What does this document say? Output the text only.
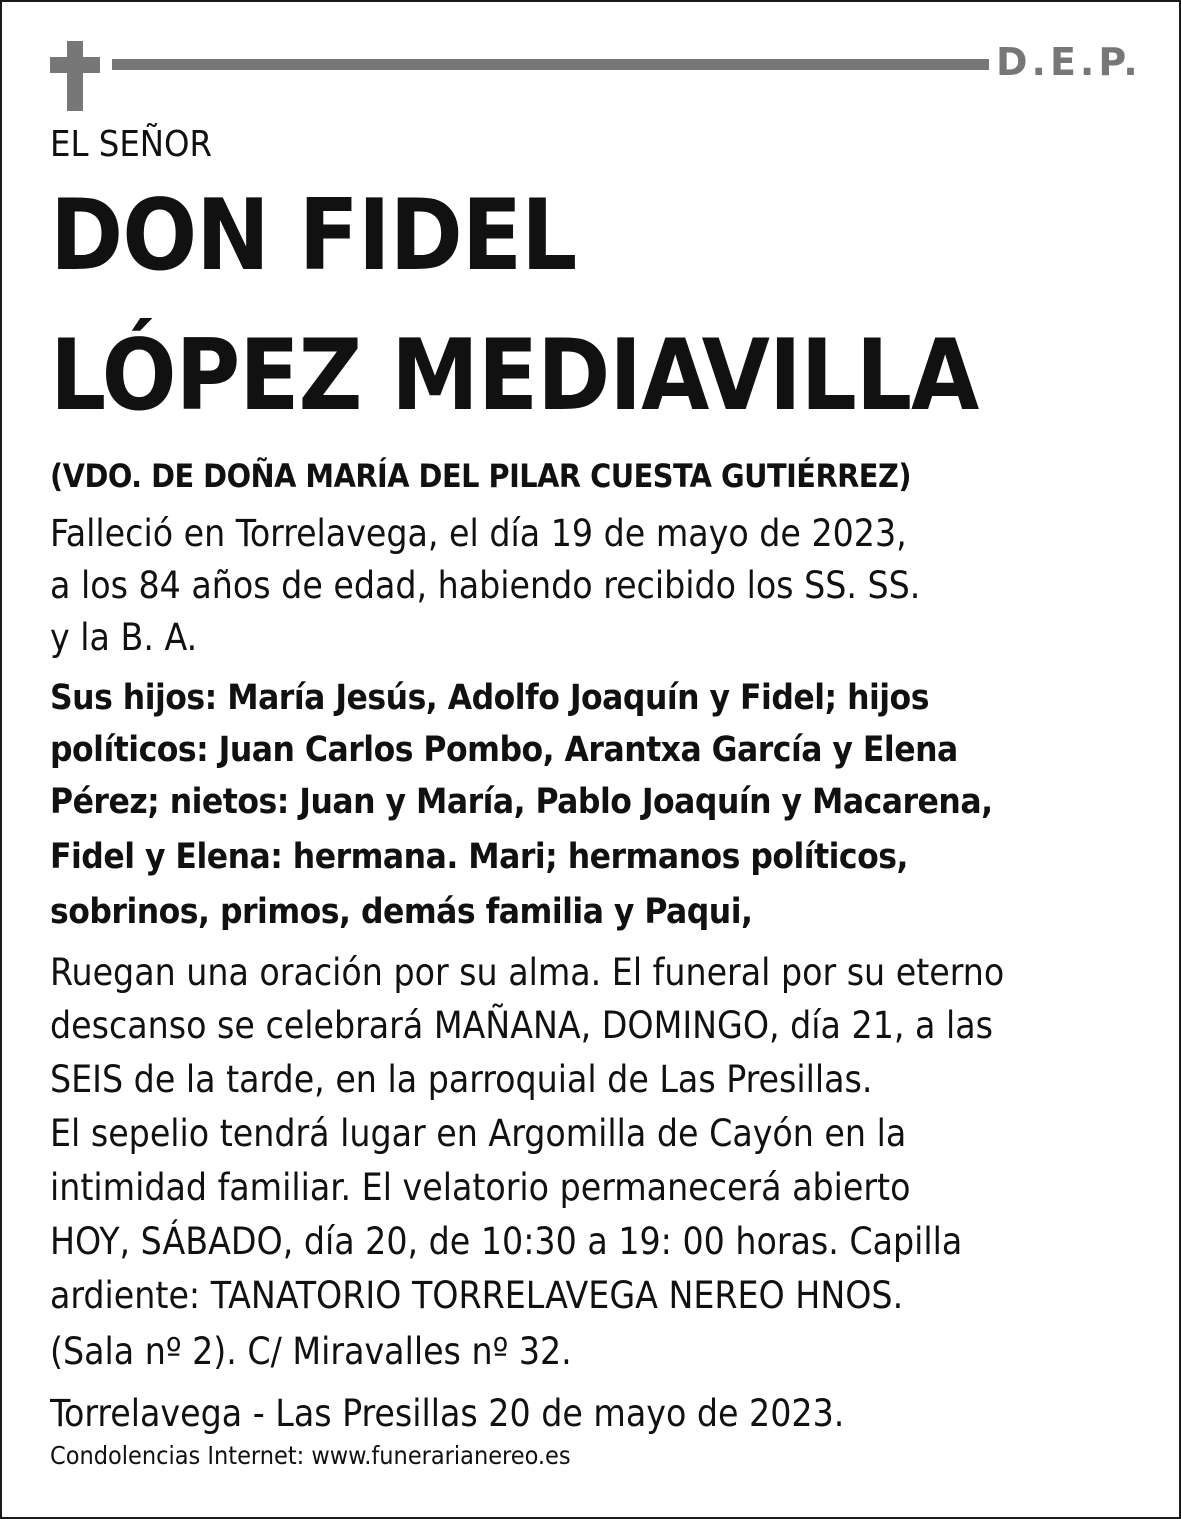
D.E.P.

EL SEÑOR

DON FIDEL

LÓPEZ MEDIAVILLA

(VDO. DE DOÑA MARÍA DEL PILAR CUESTA GUTIÉRREZ)

Falleció en Torrelavega, el día 19 de mayo de 2023,

a los 84 años de edad, habiendo recibido los SS. SS.

y la B. A.

Sus hijos: María Jesús, Adolfo Joaquín y Fidel; hijos

políticos: Juan Carlos Pombo, Arantxa García y Elena

Pérez; nietos: Juan y María, Pablo Joaquín y Macarena,

Fidel y Elena: hermana. Mari; hermanos políticos,

sobrinos, primos, demás familia y Paqui,

Ruegan una oración por su alma. El funeral por su eterno

descanso se celebrará MAÑANA, DOMINGO, día 21, a las

SEIS de la tarde, en la parroquial de Las Presillas.

El sepelio tendrá lugar en Argomilla de Cayón en la

intimidad familiar. El velatorio permanecerá abierto

HOY, SÁBADO, día 20, de 10:30 a 19: 00 horas. Capilla

ardiente: TANATORIO TORRELAVEGA NEREO HNOS.

(Sala nº 2). C/ Miravalles nº 32.

Torrelavega - Las Presillas 20 de mayo de 2023.

Condolencias Internet: www.funerarianereo.es
